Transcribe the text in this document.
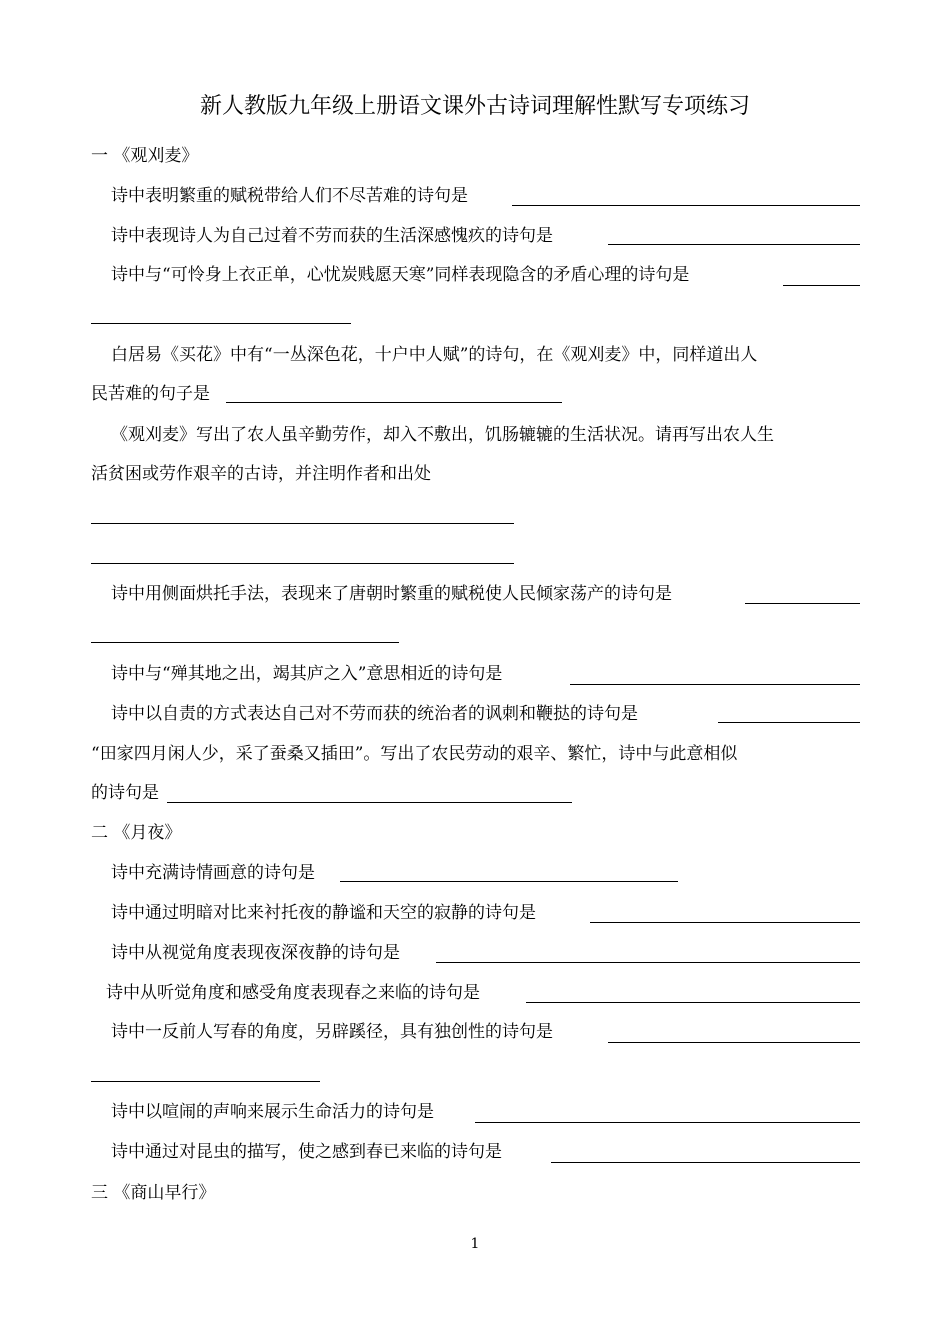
新人教版九年级上册语文课外古诗词理解性默写专项练习
一 《观刈麦》
诗中表明繁重的赋税带给人们不尽苦难的诗句是
诗中表现诗人为自己过着不劳而获的生活深感愧疚的诗句是
诗中与“可怜身上衣正单，心忧炭贱愿天寒”同样表现隐含的矛盾心理的诗句是
白居易《买花》中有“一丛深色花，十户中人赋”的诗句，在《观刈麦》中，同样道出人
民苦难的句子是
《观刈麦》写出了农人虽辛勤劳作，却入不敷出，饥肠辘辘的生活状况。请再写出农人生
活贫困或劳作艰辛的古诗，并注明作者和出处
诗中用侧面烘托手法，表现来了唐朝时繁重的赋税使人民倾家荡产的诗句是
诗中与“殚其地之出，竭其庐之入”意思相近的诗句是
诗中以自责的方式表达自己对不劳而获的统治者的讽刺和鞭挞的诗句是
“田家四月闲人少，采了蚕桑又插田”。写出了农民劳动的艰辛、繁忙，诗中与此意相似
的诗句是
二 《月夜》
诗中充满诗情画意的诗句是
诗中通过明暗对比来衬托夜的静谧和天空的寂静的诗句是
诗中从视觉角度表现夜深夜静的诗句是
诗中从听觉角度和感受角度表现春之来临的诗句是
诗中一反前人写春的角度，另辟蹊径，具有独创性的诗句是
诗中以喧闹的声响来展示生命活力的诗句是
诗中通过对昆虫的描写，使之感到春已来临的诗句是
三 《商山早行》
1
